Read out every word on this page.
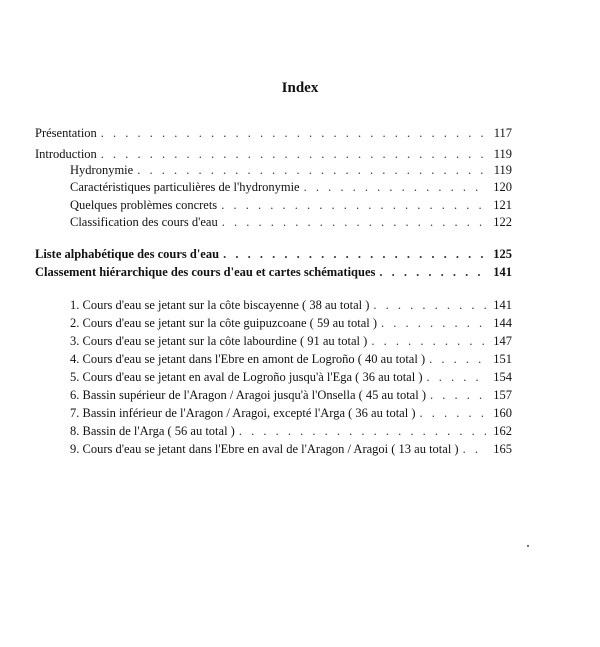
Index
Présentation . . .	117
Introduction . . .	119
Hydronymie . . .	119
Caractéristiques particulières de l'hydronymie . . .	120
Quelques problèmes concrets . . .	121
Classification des cours d'eau . . .	122
Liste alphabétique des cours d'eau . . .	125
Classement hiérarchique des cours d'eau et cartes schématiques . . .	141
1. Cours d'eau se jetant sur la côte biscayenne ( 38 au total ) . . .	141
2. Cours d'eau se jetant sur la côte guipuzcoane ( 59 au total ) . . .	144
3. Cours d'eau se jetant sur la côte labourdine ( 91 au total ) . . .	147
4. Cours d'eau se jetant dans l'Ebre en amont de Logroño ( 40 au total ) . . .	151
5. Cours d'eau se jetant en aval de Logroño jusqu'à l'Ega ( 36 au total ) . . .	154
6. Bassin supérieur de l'Aragon / Aragoi jusqu'à l'Onsella ( 45 au total ) . . .	157
7. Bassin inférieur de l'Aragon / Aragoi, excepté l'Arga ( 36 au total ) . . .	160
8. Bassin de l'Arga ( 56 au total ) . . .	162
9. Cours d'eau se jetant dans l'Ebre en aval de l'Aragon / Aragoi ( 13 au total ) . . .	165
